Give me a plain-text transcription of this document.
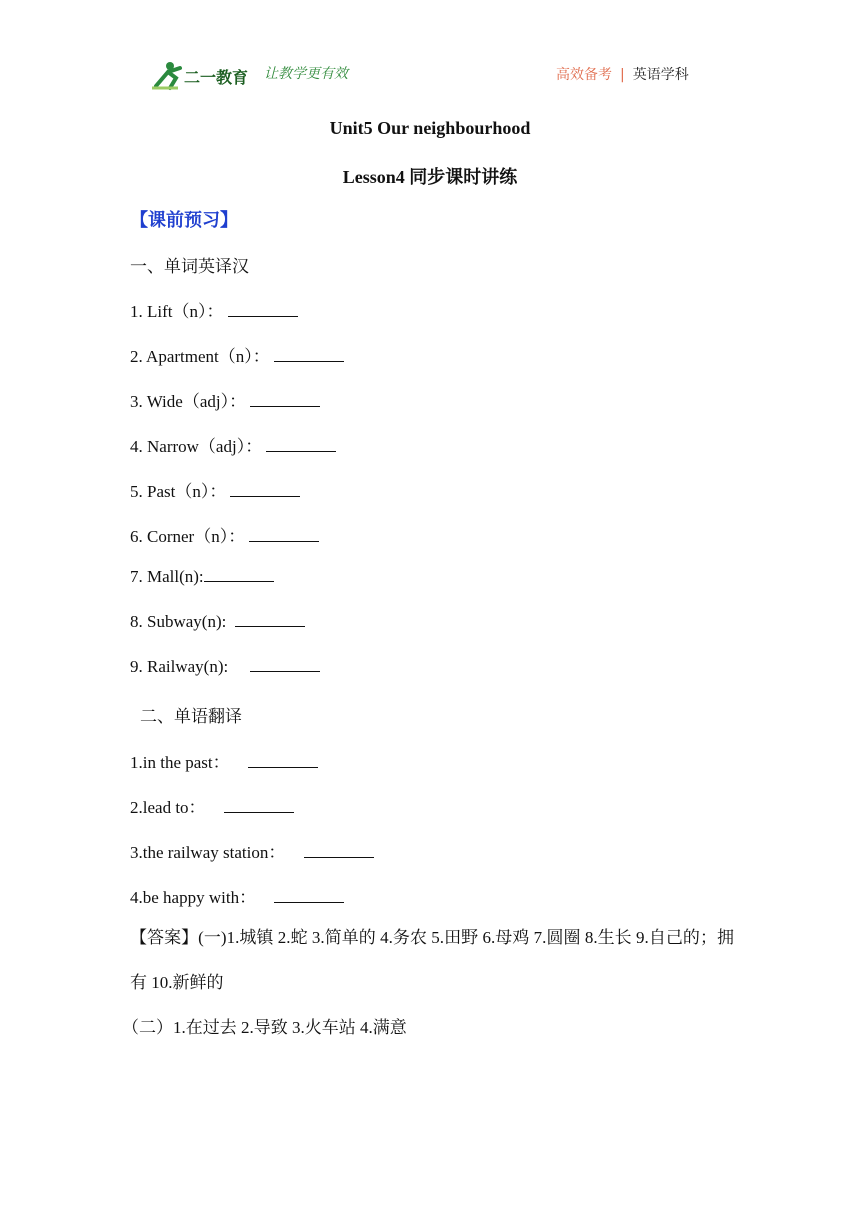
二一教育 让教学更有效	高效备考 | 英语学科
Unit5 Our neighbourhood
Lesson4 同步课时讲练
【课前预习】
一、单词英译汉
1. Lift（n）：
2. Apartment（n）：
3. Wide（adj）：
4. Narrow（adj）：
5. Past（n）：
6. Corner（n）：
7. Mall(n):
8. Subway(n):
9. Railway(n):
二、单语翻译
1.in the past：
2.lead to：
3.the railway station：
4.be happy with：
【答案】(一)1.城镇 2.蛇 3.简单的 4.务农 5.田野 6.母鸡 7.圆圈 8.生长 9.自己的；拥有 10.新鲜的
（二）1.在过去 2.导致 3.火车站 4.满意
